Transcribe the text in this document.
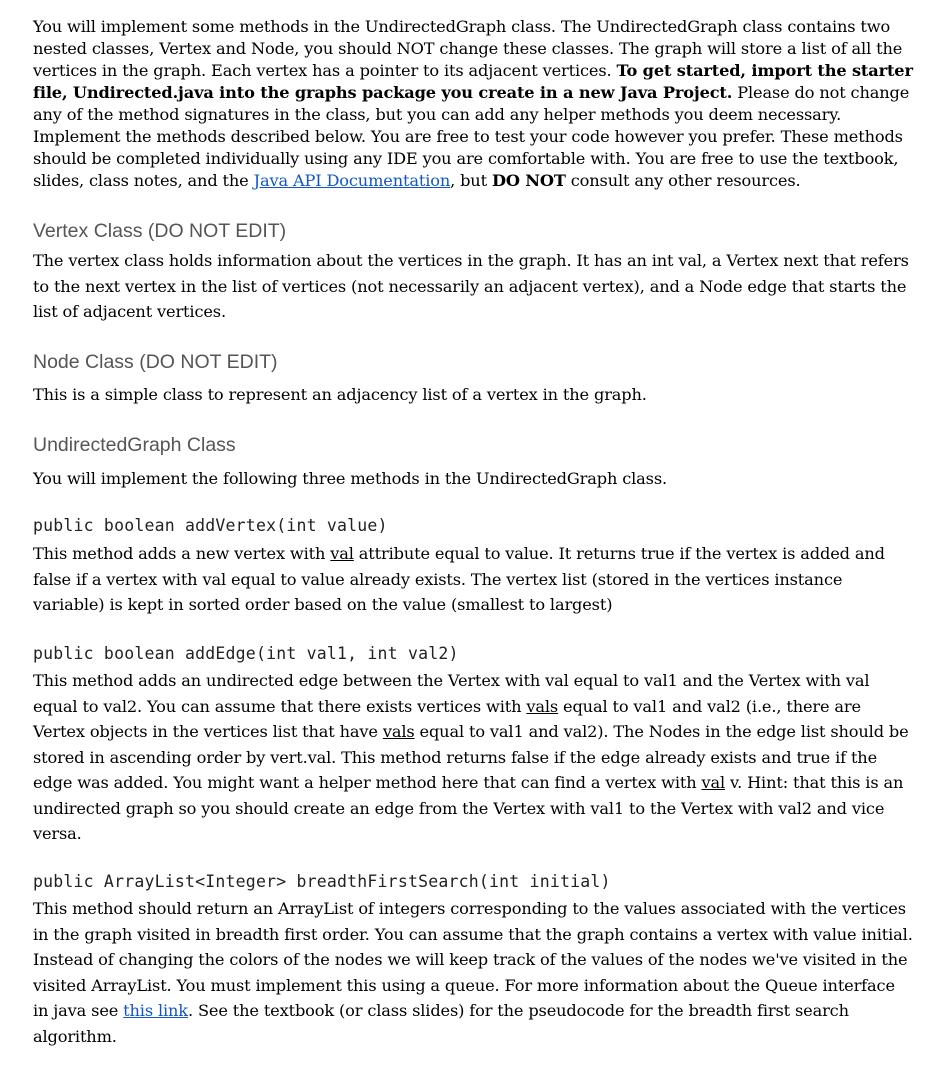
You will implement some methods in the UndirectedGraph class. The UndirectedGraph class contains two nested classes, Vertex and Node, you should NOT change these classes. The graph will store a list of all the vertices in the graph. Each vertex has a pointer to its adjacent vertices. To get started, import the starter file, Undirected.java into the graphs package you create in a new Java Project. Please do not change any of the method signatures in the class, but you can add any helper methods you deem necessary. Implement the methods described below. You are free to test your code however you prefer. These methods should be completed individually using any IDE you are comfortable with. You are free to use the textbook, slides, class notes, and the Java API Documentation, but DO NOT consult any other resources.
Vertex Class (DO NOT EDIT)

The vertex class holds information about the vertices in the graph. It has an int val, a Vertex next that refers to the next vertex in the list of vertices (not necessarily an adjacent vertex), and a Node edge that starts the list of adjacent vertices.

Node Class (DO NOT EDIT)

This is a simple class to represent an adjacency list of a vertex in the graph.

UndirectedGraph Class

You will implement the following three methods in the UndirectedGraph class.

public boolean addVertex(int value)

This method adds a new vertex with val attribute equal to value. It returns true if the vertex is added and false if a vertex with val equal to value already exists. The vertex list (stored in the vertices instance variable) is kept in sorted order based on the value (smallest to largest)

public boolean addEdge(int val1, int val2)

This method adds an undirected edge between the Vertex with val equal to val1 and the Vertex with val equal to val2. You can assume that there exists vertices with vals equal to val1 and val2 (i.e., there are Vertex objects in the vertices list that have vals equal to val1 and val2). The Nodes in the edge list should be stored in ascending order by vert.val. This method returns false if the edge already exists and true if the edge was added. You might want a helper method here that can find a vertex with val v. Hint: that this is an undirected graph so you should create an edge from the Vertex with val1 to the Vertex with val2 and vice versa.

public ArrayList<Integer> breadthFirstSearch(int initial)

This method should return an ArrayList of integers corresponding to the values associated with the vertices in the graph visited in breadth first order. You can assume that the graph contains a vertex with value initial. Instead of changing the colors of the nodes we will keep track of the values of the nodes we've visited in the visited ArrayList. You must implement this using a queue. For more information about the Queue interface in java see this link. See the textbook (or class slides) for the pseudocode for the breadth first search algorithm.
